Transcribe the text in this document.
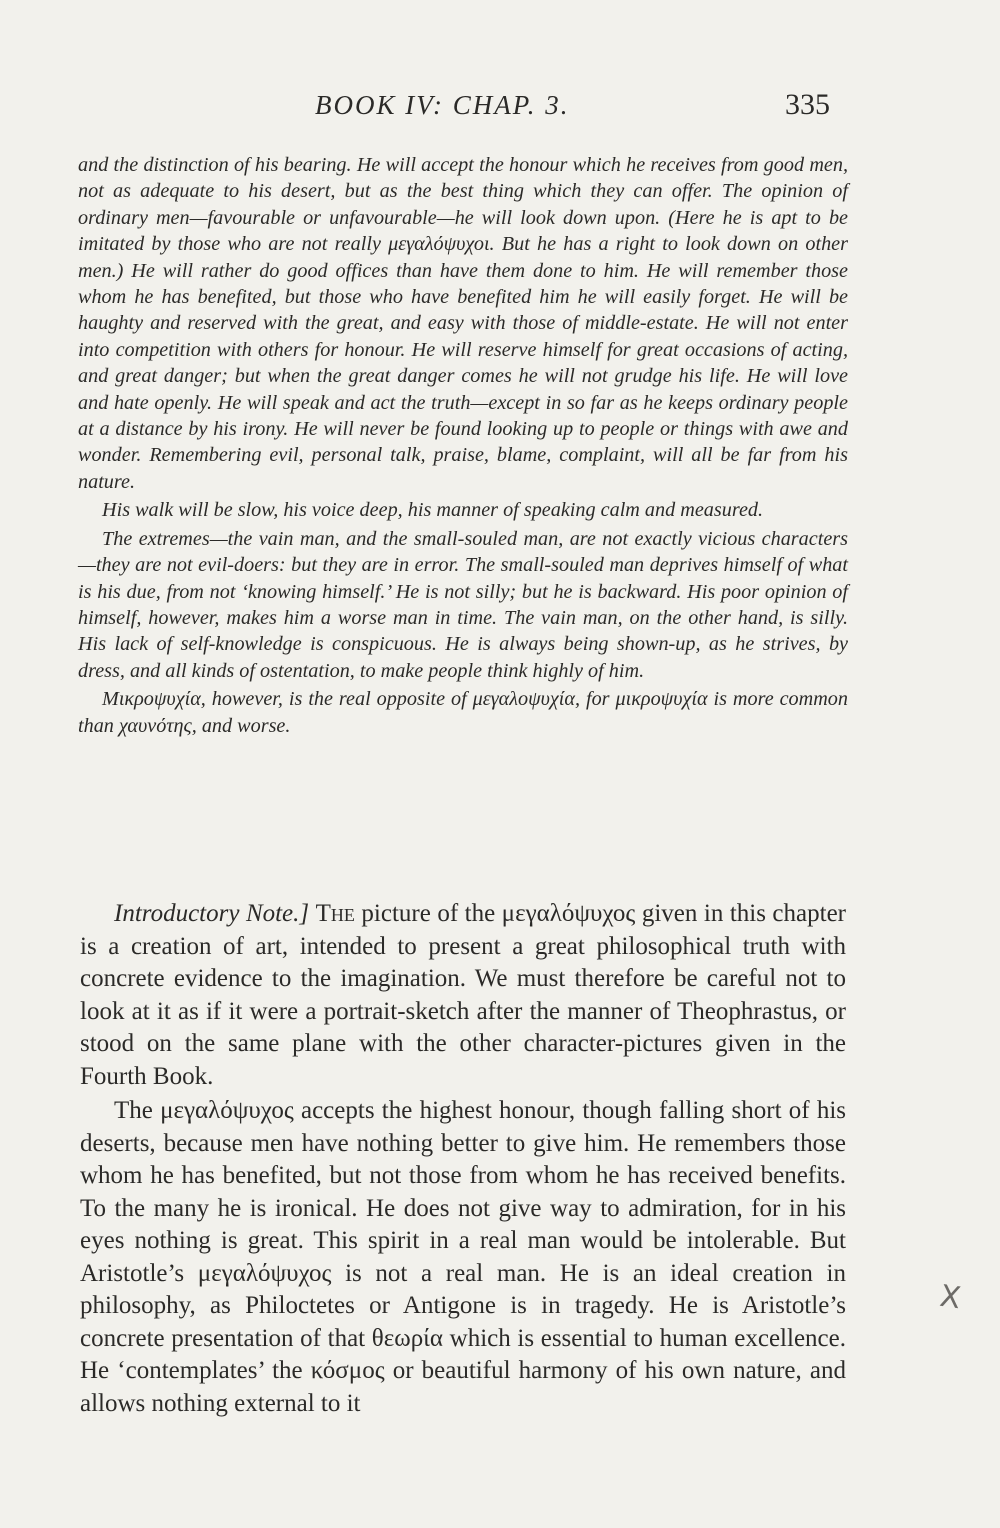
BOOK IV: CHAP. 3.	335

and the distinction of his bearing. He will accept the honour which he receives from good men, not as adequate to his desert, but as the best thing which they can offer. The opinion of ordinary men—favourable or unfavourable—he will look down upon. (Here he is apt to be imitated by those who are not really μεγαλόψυχοι. But he has a right to look down on other men.) He will rather do good offices than have them done to him. He will remember those whom he has benefited, but those who have benefited him he will easily forget. He will be haughty and reserved with the great, and easy with those of middle-estate. He will not enter into competition with others for honour. He will reserve himself for great occasions of acting, and great danger; but when the great danger comes he will not grudge his life. He will love and hate openly. He will speak and act the truth—except in so far as he keeps ordinary people at a distance by his irony. He will never be found looking up to people or things with awe and wonder. Remembering evil, personal talk, praise, blame, complaint, will all be far from his nature.

His walk will be slow, his voice deep, his manner of speaking calm and measured.

The extremes—the vain man, and the small-souled man, are not exactly vicious characters—they are not evil-doers: but they are in error. The small-souled man deprives himself of what is his due, from not ‘knowing himself.’ He is not silly; but he is backward. His poor opinion of himself, however, makes him a worse man in time. The vain man, on the other hand, is silly. His lack of self-knowledge is conspicuous. He is always being shown-up, as he strives, by dress, and all kinds of ostentation, to make people think highly of him.

Μικροψυχία, however, is the real opposite of μεγαλοψυχία, for μικροψυχία is more common than χαυνότης, and worse.

Introductory Note.] The picture of the μεγαλόψυχος given in this chapter is a creation of art, intended to present a great philosophical truth with concrete evidence to the imagination. We must therefore be careful not to look at it as if it were a portrait-sketch after the manner of Theophrastus, or stood on the same plane with the other character-pictures given in the Fourth Book.

The μεγαλόψυχος accepts the highest honour, though falling short of his deserts, because men have nothing better to give him. He remembers those whom he has benefited, but not those from whom he has received benefits. To the many he is ironical. He does not give way to admiration, for in his eyes nothing is great. This spirit in a real man would be intolerable. But Aristotle’s μεγαλόψυχος is not a real man. He is an ideal creation in philosophy, as Philoctetes or Antigone is in tragedy. He is Aristotle’s concrete presentation of that θεωρία which is essential to human excellence. He ‘contemplates’ the κόσμος or beautiful harmony of his own nature, and allows nothing external to it

X
